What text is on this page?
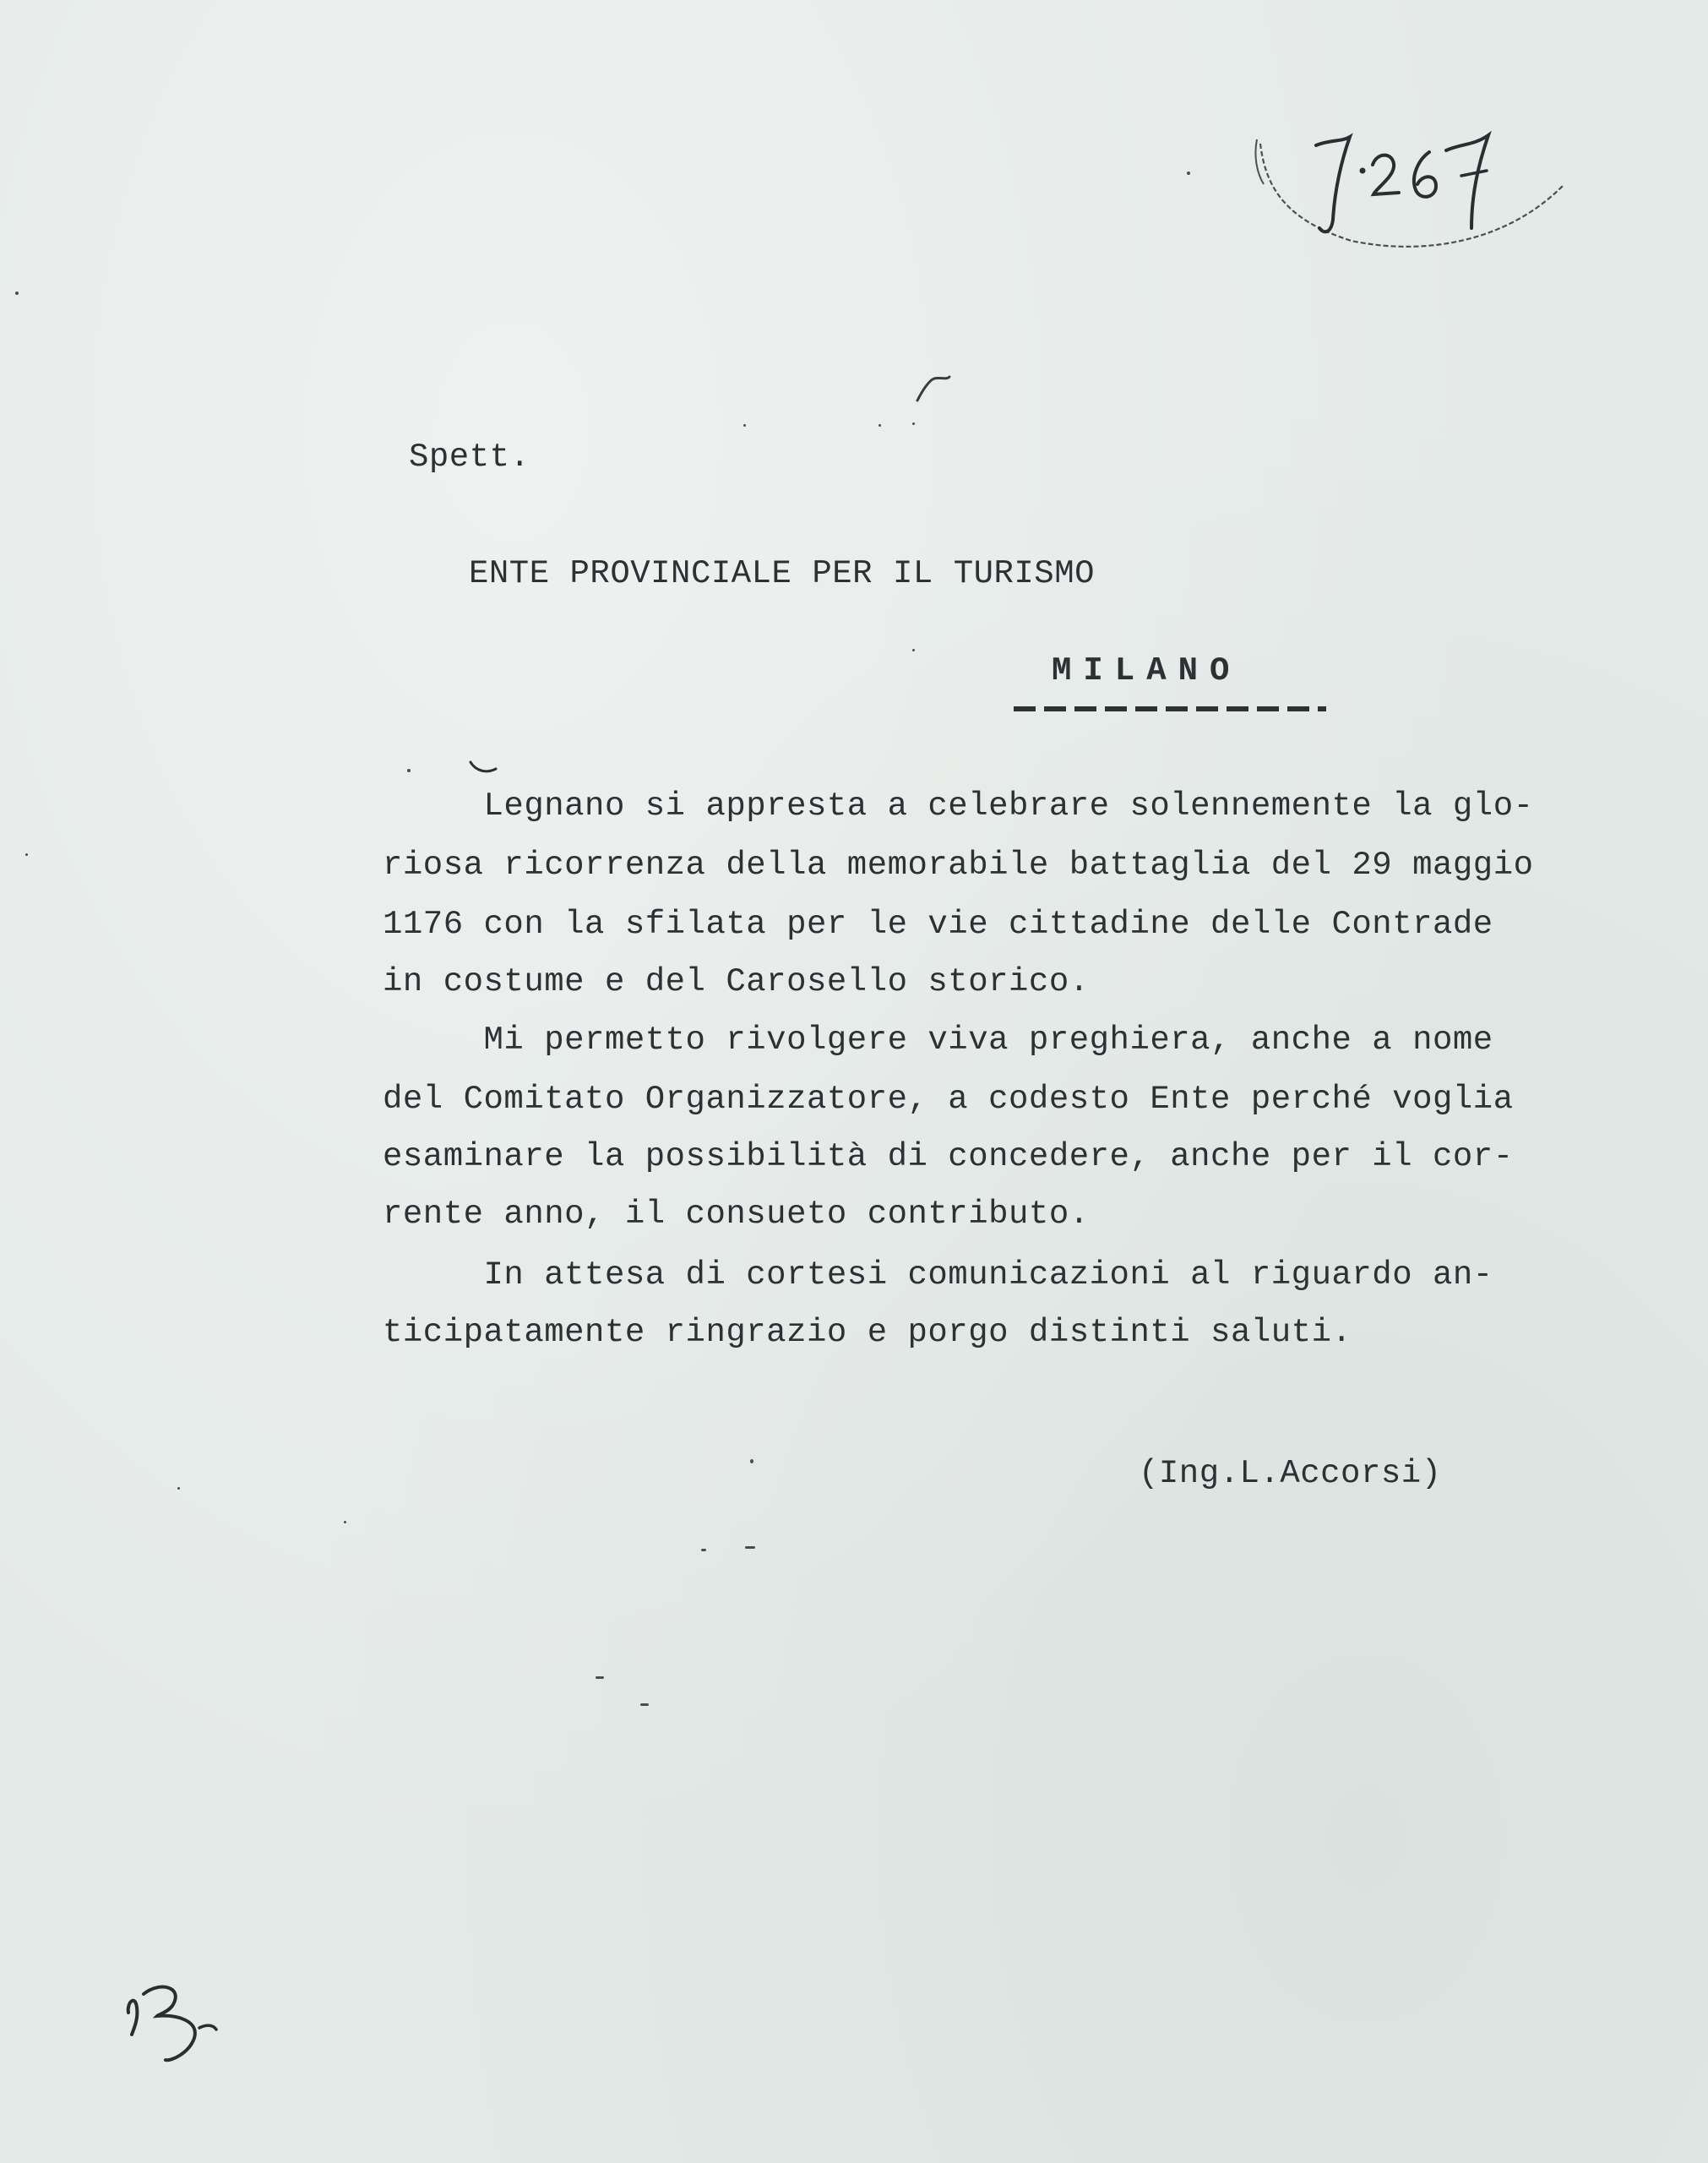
Spett.
ENTE PROVINCIALE PER IL TURISMO
MILANO
Legnano si appresta a celebrare solennemente la glo-
riosa ricorrenza della memorabile battaglia del 29 maggio
1176 con la sfilata per le vie cittadine delle Contrade
in costume e del Carosello storico.
Mi permetto rivolgere viva preghiera, anche a nome
del Comitato Organizzatore, a codesto Ente perché voglia
esaminare la possibilità di concedere, anche per il cor-
rente anno, il consueto contributo.
In attesa di cortesi comunicazioni al riguardo an-
ticipatamente ringrazio e porgo distinti saluti.
(Ing.L.Accorsi)
